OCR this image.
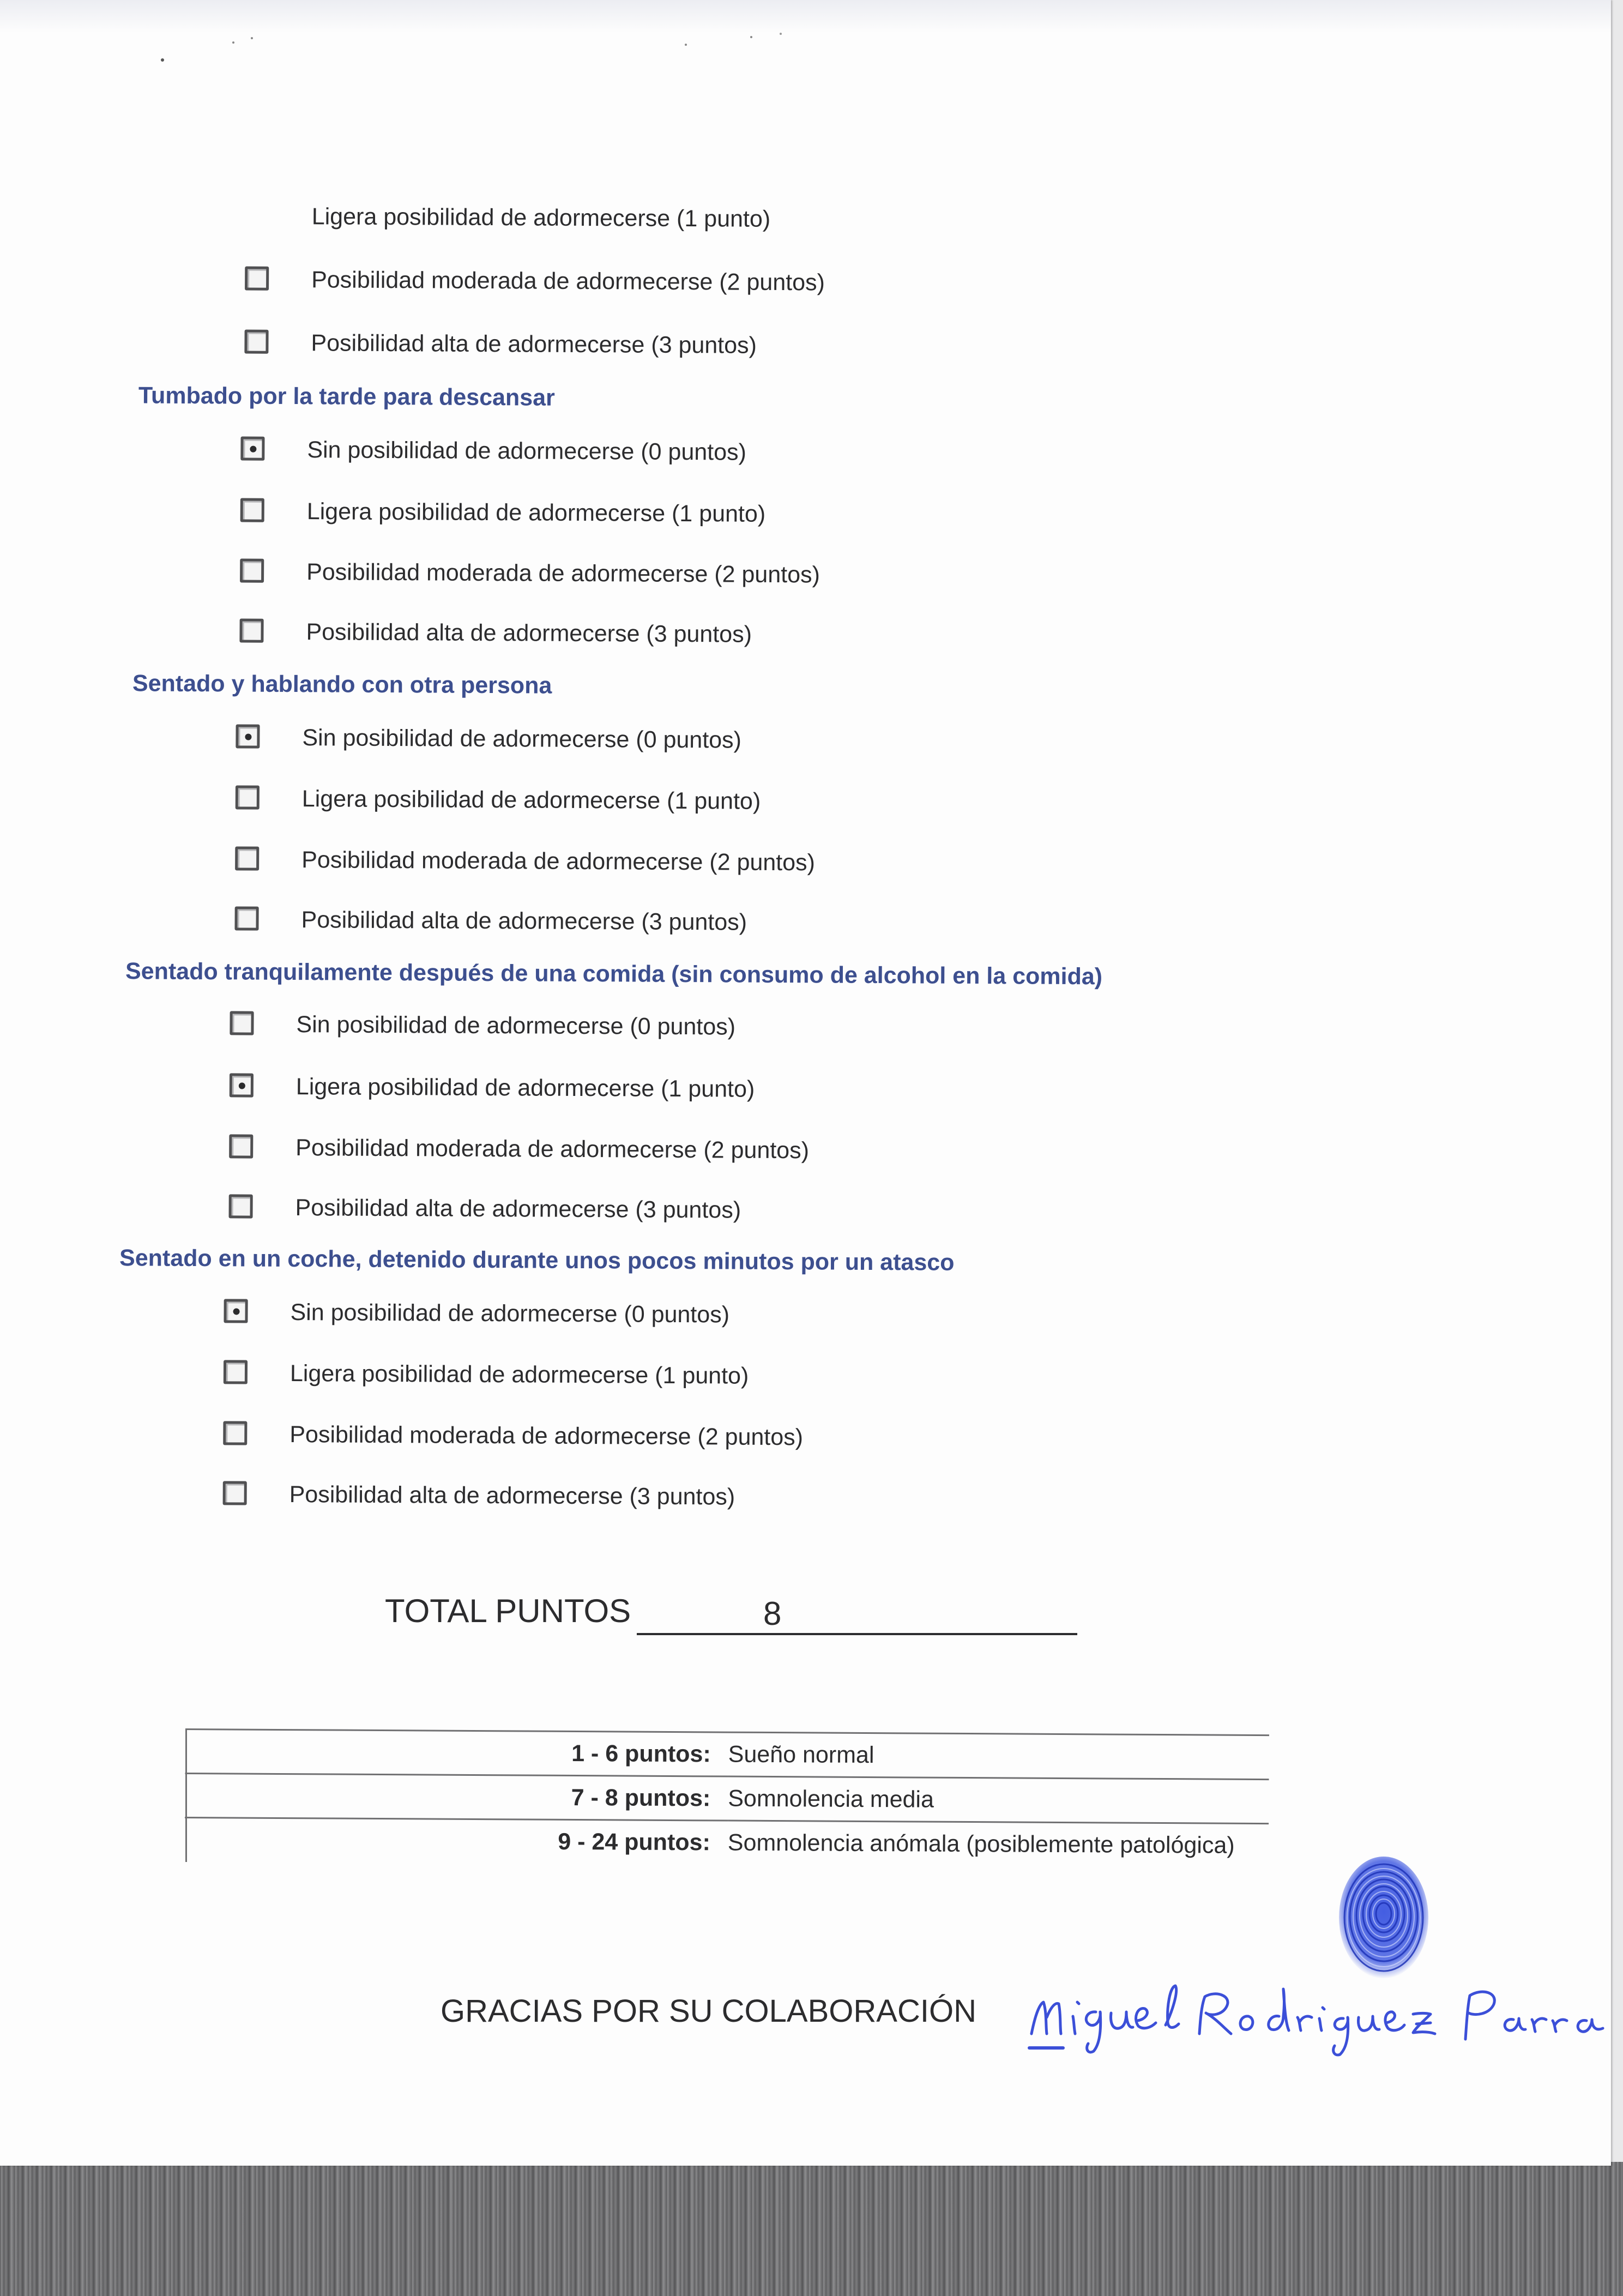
Ligera posibilidad de adormecerse (1 punto)
Posibilidad moderada de adormecerse (2 puntos)
Posibilidad alta de adormecerse (3 puntos)
Tumbado por la tarde para descansar
Sin posibilidad de adormecerse (0 puntos)
Ligera posibilidad de adormecerse (1 punto)
Posibilidad moderada de adormecerse (2 puntos)
Posibilidad alta de adormecerse (3 puntos)
Sentado y hablando con otra persona
Sin posibilidad de adormecerse (0 puntos)
Ligera posibilidad de adormecerse (1 punto)
Posibilidad moderada de adormecerse (2 puntos)
Posibilidad alta de adormecerse (3 puntos)
Sentado tranquilamente después de una comida (sin consumo de alcohol en la comida)
Sin posibilidad de adormecerse (0 puntos)
Ligera posibilidad de adormecerse (1 punto)
Posibilidad moderada de adormecerse (2 puntos)
Posibilidad alta de adormecerse (3 puntos)
Sentado en un coche, detenido durante unos pocos minutos por un atasco
Sin posibilidad de adormecerse (0 puntos)
Ligera posibilidad de adormecerse (1 punto)
Posibilidad moderada de adormecerse (2 puntos)
Posibilidad alta de adormecerse (3 puntos)
TOTAL PUNTOS	8
1 - 6 puntos:	Sueño normal
7 - 8 puntos:	Somnolencia media
9 - 24 puntos:	Somnolencia anómala (posiblemente patológica)
GRACIAS POR SU COLABORACIÓN
